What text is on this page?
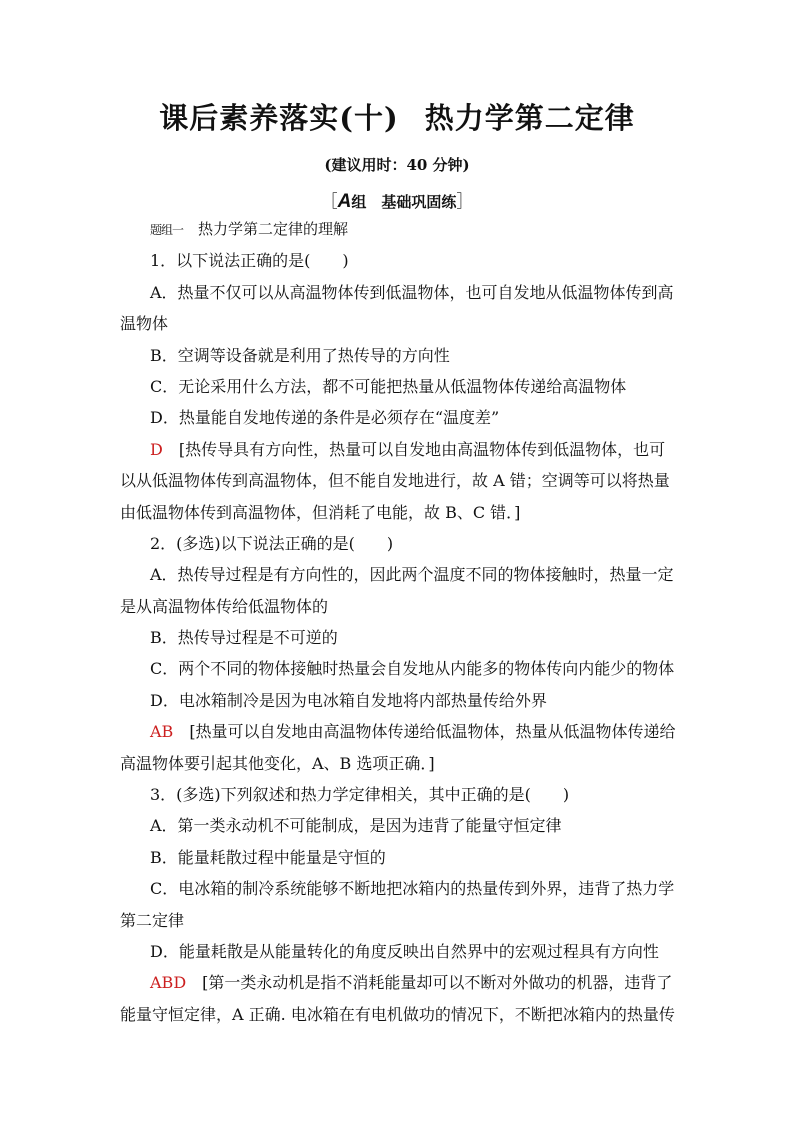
课后素养落实(十) 热力学第二定律
(建议用时：40 分钟)
［A组　基础巩固练］
题组一　热力学第二定律的理解
1．以下说法正确的是(　　)
A．热量不仅可以从高温物体传到低温物体，也可自发地从低温物体传到高
温物体
B．空调等设备就是利用了热传导的方向性
C．无论采用什么方法，都不可能把热量从低温物体传递给高温物体
D．热量能自发地传递的条件是必须存在“温度差”
D　[热传导具有方向性，热量可以自发地由高温物体传到低温物体，也可
以从低温物体传到高温物体，但不能自发地进行，故 A 错；空调等可以将热量
由低温物体传到高温物体，但消耗了电能，故 B、C 错．]
2．(多选)以下说法正确的是(　　)
A．热传导过程是有方向性的，因此两个温度不同的物体接触时，热量一定
是从高温物体传给低温物体的
B．热传导过程是不可逆的
C．两个不同的物体接触时热量会自发地从内能多的物体传向内能少的物体
D．电冰箱制冷是因为电冰箱自发地将内部热量传给外界
AB　[热量可以自发地由高温物体传递给低温物体，热量从低温物体传递给
高温物体要引起其他变化，A、B 选项正确．]
3．(多选)下列叙述和热力学定律相关，其中正确的是(　　)
A．第一类永动机不可能制成，是因为违背了能量守恒定律
B．能量耗散过程中能量是守恒的
C．电冰箱的制冷系统能够不断地把冰箱内的热量传到外界，违背了热力学
第二定律
D．能量耗散是从能量转化的角度反映出自然界中的宏观过程具有方向性
ABD　[第一类永动机是指不消耗能量却可以不断对外做功的机器，违背了
能量守恒定律，A 正确. 电冰箱在有电机做功的情况下，不断把冰箱内的热量传
